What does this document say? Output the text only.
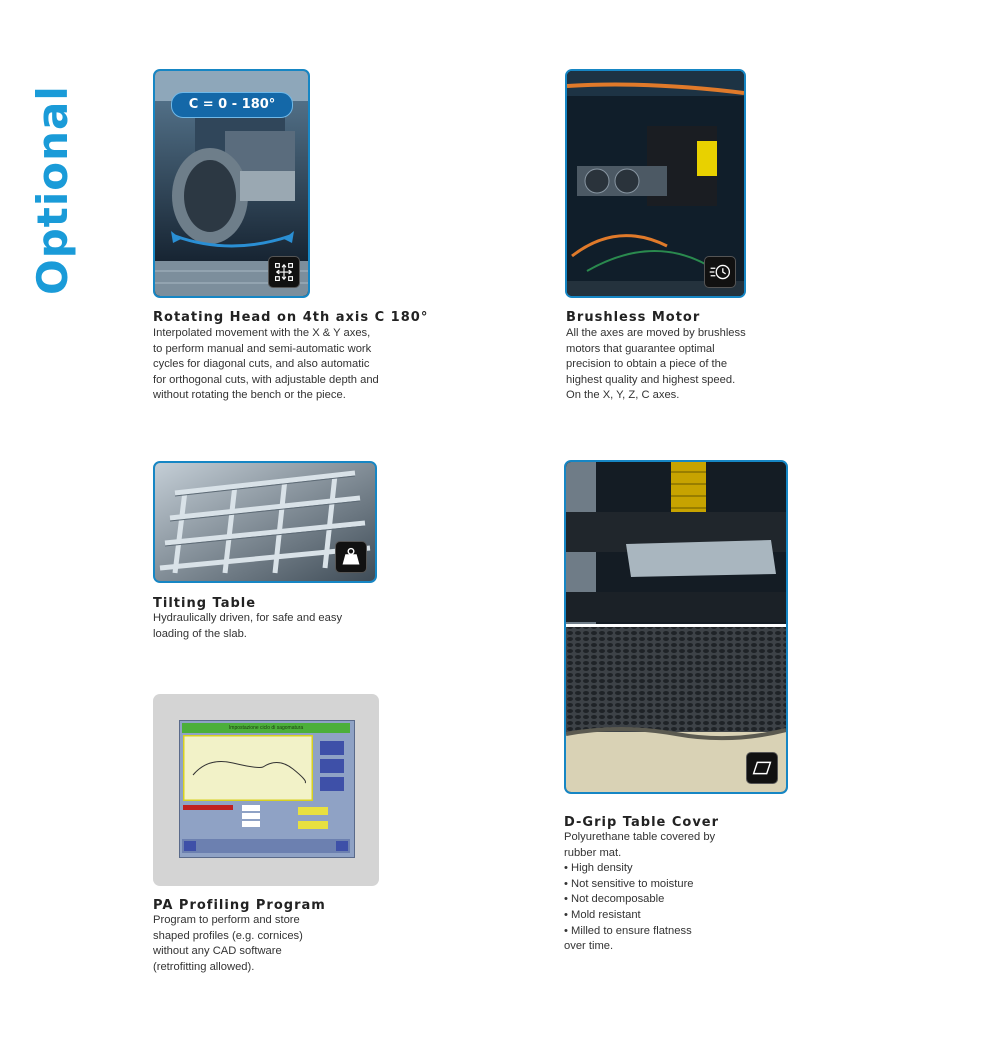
Optional	C = 0 - 180°
Rotating Head on 4th axis C 180°
Interpolated movement with the X & Y axes,
to perform manual and semi-automatic work
cycles for diagonal cuts, and also automatic
for orthogonal cuts, with adjustable depth and
without rotating the bench or the piece.
Brushless Motor
All the axes are moved by brushless
motors that guarantee optimal
precision to obtain a piece of the
highest quality and highest speed.
On the X, Y, Z, C axes.
Tilting Table
Hydraulically driven, for safe and easy
loading of the slab.
D-Grip Table Cover
Polyurethane table covered by
rubber mat.
• High density
• Not sensitive to moisture
• Not decomposable
• Mold resistant
• Milled to ensure flatness
over time.
Impostazione ciclo di sagomatura
PA Profiling Program
Program to perform and store
shaped profiles (e.g. cornices)
without any CAD software
(retrofitting allowed).
